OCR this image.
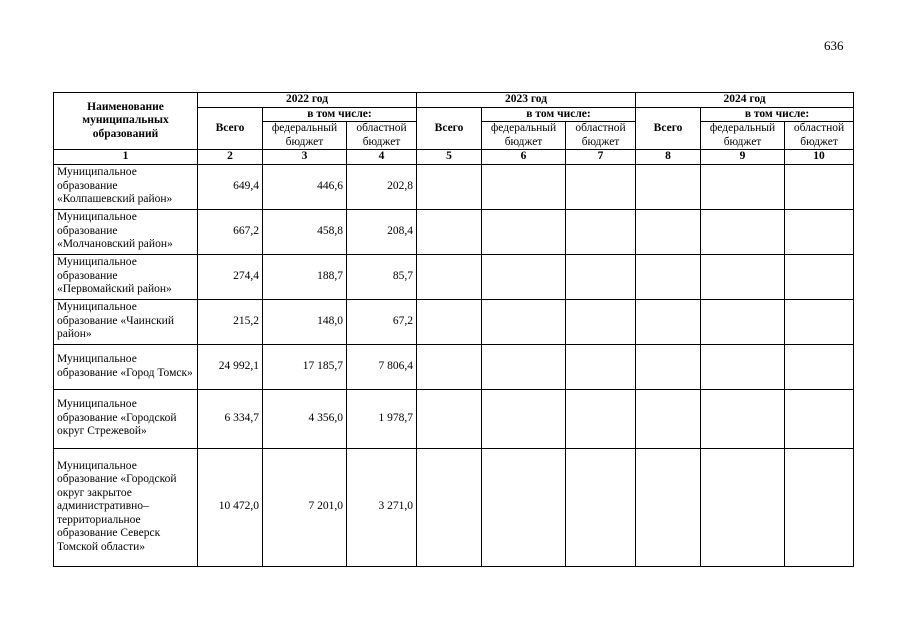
636
Наименование муниципальных образований	2022 год			2023 год			2024 год		
	Всего	в том числе:		Всего	в том числе:		Всего	в том числе:	
		федеральный бюджет	областной бюджет		федеральный бюджет	областной бюджет		федеральный бюджет	областной бюджет
1	2	3	4	5	6	7	8	9	10
Муниципальное образование «Колпашевский район»	649,4	446,6	202,8						
Муниципальное образование «Молчановский район»	667,2	458,8	208,4						
Муниципальное образование «Первомайский район»	274,4	188,7	85,7						
Муниципальное образование «Чаинский район»	215,2	148,0	67,2						
Муниципальное образование «Город Томск»	24 992,1	17 185,7	7 806,4						
Муниципальное образование «Городской округ Стрежевой»	6 334,7	4 356,0	1 978,7						
Муниципальное образование «Городской округ закрытое административно–территориальное образование Северск Томской области»	10 472,0	7 201,0	3 271,0						
